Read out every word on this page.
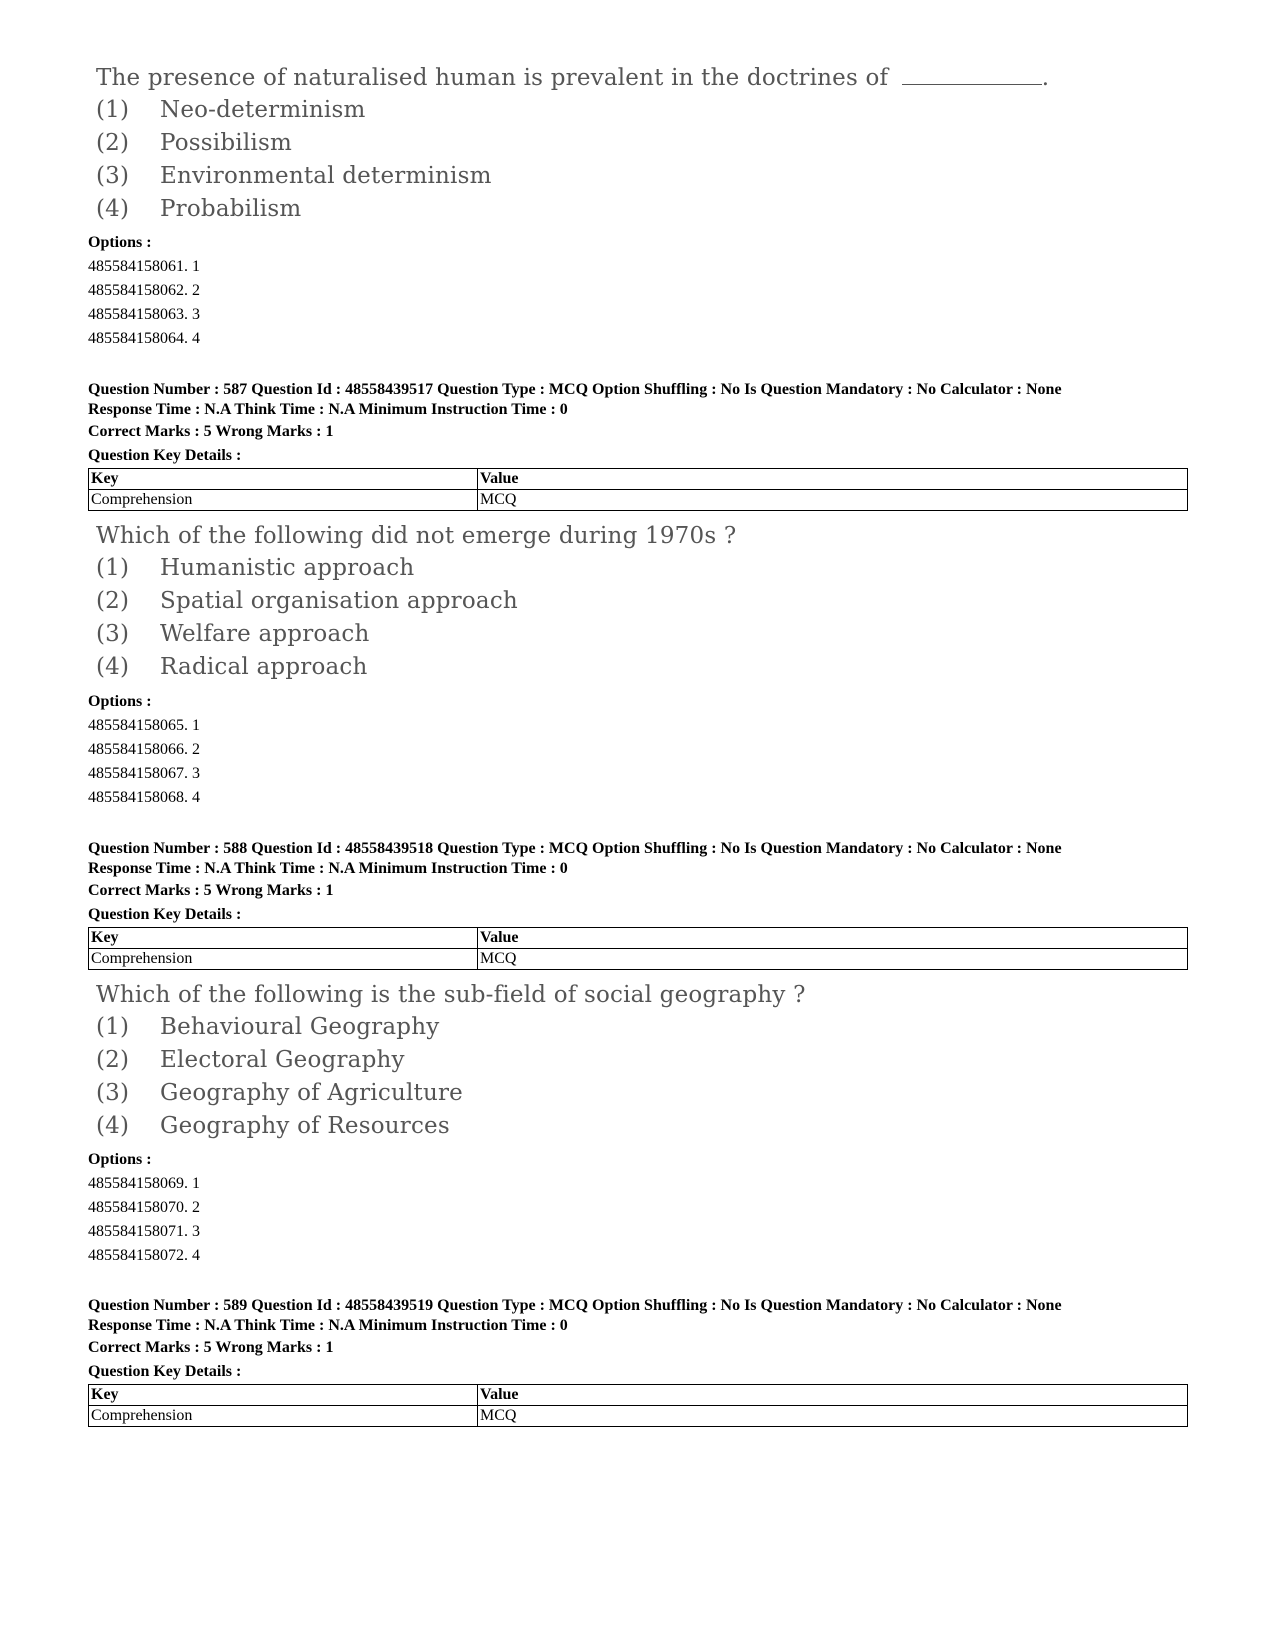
The presence of naturalised human is prevalent in the doctrines of	.
(1)	Neo-determinism
(2)	Possibilism
(3)	Environmental determinism
(4)	Probabilism
Options :
485584158061. 1
485584158062. 2
485584158063. 3
485584158064. 4
Question Number : 587 Question Id : 48558439517 Question Type : MCQ Option Shuffling : No Is Question Mandatory : No Calculator : None
Response Time : N.A Think Time : N.A Minimum Instruction Time : 0
Correct Marks : 5 Wrong Marks : 1
Question Key Details :
Key	Value
Comprehension	MCQ
Which of the following did not emerge during 1970s ?
(1)	Humanistic approach
(2)	Spatial organisation approach
(3)	Welfare approach
(4)	Radical approach
Options :
485584158065. 1
485584158066. 2
485584158067. 3
485584158068. 4
Question Number : 588 Question Id : 48558439518 Question Type : MCQ Option Shuffling : No Is Question Mandatory : No Calculator : None
Response Time : N.A Think Time : N.A Minimum Instruction Time : 0
Correct Marks : 5 Wrong Marks : 1
Question Key Details :
Key	Value
Comprehension	MCQ
Which of the following is the sub-field of social geography ?
(1)	Behavioural Geography
(2)	Electoral Geography
(3)	Geography of Agriculture
(4)	Geography of Resources
Options :
485584158069. 1
485584158070. 2
485584158071. 3
485584158072. 4
Question Number : 589 Question Id : 48558439519 Question Type : MCQ Option Shuffling : No Is Question Mandatory : No Calculator : None
Response Time : N.A Think Time : N.A Minimum Instruction Time : 0
Correct Marks : 5 Wrong Marks : 1
Question Key Details :
Key	Value
Comprehension	MCQ
